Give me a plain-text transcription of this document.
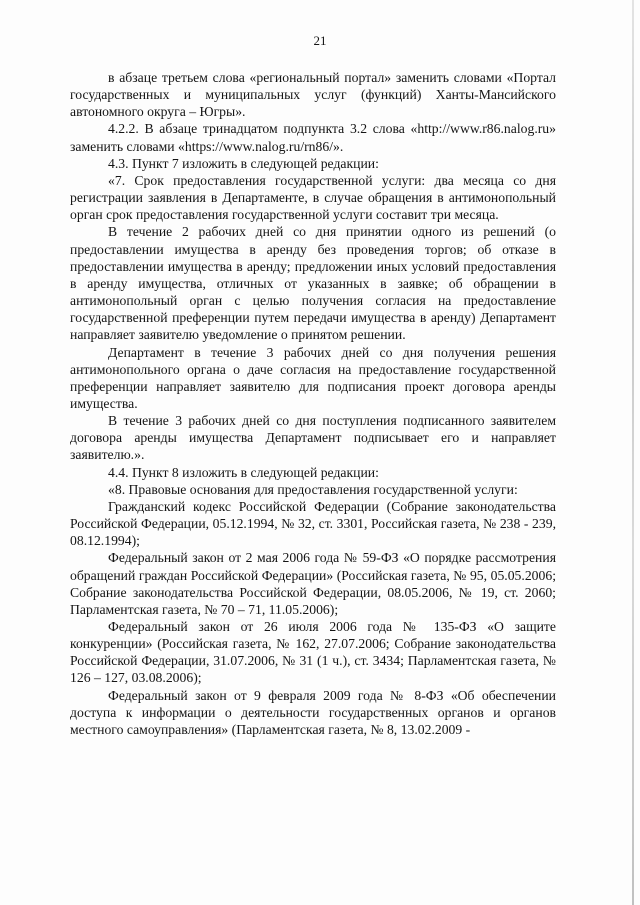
21

в абзаце третьем слова «региональный портал» заменить словами «Портал государственных и муниципальных услуг (функций) Ханты-Мансийского автономного округа – Югры».

4.2.2. В абзаце тринадцатом подпункта 3.2 слова «http://www.r86.nalog.ru» заменить словами «https://www.nalog.ru/rn86/».

4.3. Пункт 7 изложить в следующей редакции:

«7. Срок предоставления государственной услуги: два месяца со дня регистрации заявления в Департаменте, в случае обращения в антимонопольный орган срок предоставления государственной услуги составит три месяца.

В течение 2 рабочих дней со дня принятии одного из решений (о предоставлении имущества в аренду без проведения торгов; об отказе в предоставлении имущества в аренду; предложении иных условий предоставления в аренду имущества, отличных от указанных в заявке; об обращении в антимонопольный орган с целью получения согласия на предоставление государственной преференции путем передачи имущества в аренду) Департамент направляет заявителю уведомление о принятом решении.

Департамент в течение 3 рабочих дней со дня получения решения антимонопольного органа о даче согласия на предоставление государственной преференции направляет заявителю для подписания проект договора аренды имущества.

В течение 3 рабочих дней со дня поступления подписанного заявителем договора аренды имущества Департамент подписывает его и направляет заявителю.».

4.4. Пункт 8 изложить в следующей редакции:

«8. Правовые основания для предоставления государственной услуги:

Гражданский кодекс Российской Федерации (Собрание законодательства Российской Федерации, 05.12.1994, № 32, ст. 3301, Российская газета, № 238 - 239, 08.12.1994);

Федеральный закон от 2 мая 2006 года № 59-ФЗ «О порядке рассмотрения обращений граждан Российской Федерации» (Российская газета, № 95, 05.05.2006; Собрание законодательства Российской Федерации, 08.05.2006, № 19, ст. 2060; Парламентская газета, № 70 – 71, 11.05.2006);

Федеральный закон от 26 июля 2006 года № 135-ФЗ «О защите конкуренции» (Российская газета, № 162, 27.07.2006; Собрание законодательства Российской Федерации, 31.07.2006, № 31 (1 ч.), ст. 3434; Парламентская газета, № 126 – 127, 03.08.2006);

Федеральный закон от 9 февраля 2009 года № 8-ФЗ «Об обеспечении доступа к информации о деятельности государственных органов и органов местного самоуправления» (Парламентская газета, № 8, 13.02.2009 -
